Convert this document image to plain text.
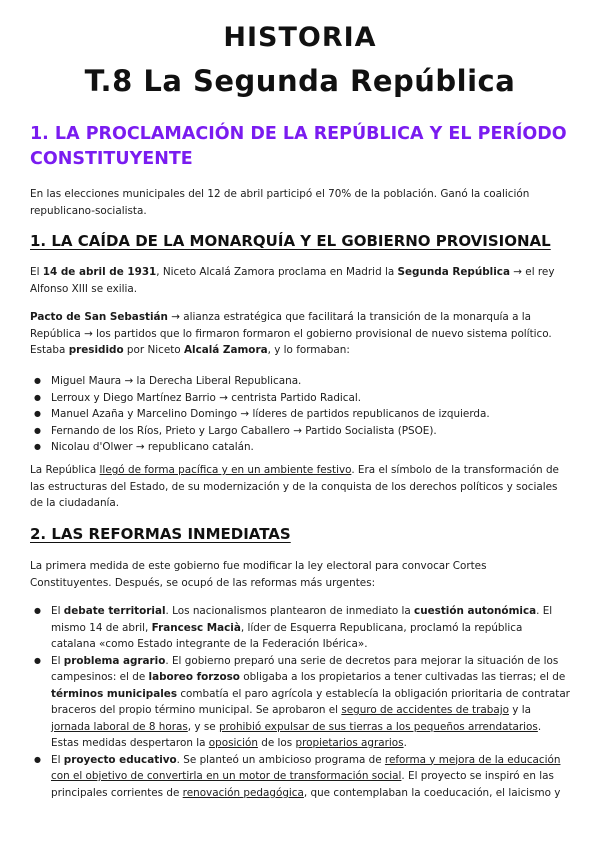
HISTORIA
T.8 La Segunda República
1. LA PROCLAMACIÓN DE LA REPÚBLICA Y EL PERÍODO CONSTITUYENTE

En las elecciones municipales del 12 de abril participó el 70% de la población. Ganó la coalición republicano-socialista.

1. LA CAÍDA DE LA MONARQUÍA Y EL GOBIERNO PROVISIONAL

El 14 de abril de 1931, Niceto Alcalá Zamora proclama en Madrid la Segunda República → el rey Alfonso XIII se exilia.

Pacto de San Sebastián → alianza estratégica que facilitará la transición de la monarquía a la República → los partidos que lo firmaron formaron el gobierno provisional de nuevo sistema político. Estaba presidido por Niceto Alcalá Zamora, y lo formaban:

● Miguel Maura → la Derecha Liberal Republicana.
● Lerroux y Diego Martínez Barrio → centrista Partido Radical.
● Manuel Azaña y Marcelino Domingo → líderes de partidos republicanos de izquierda.
● Fernando de los Ríos, Prieto y Largo Caballero → Partido Socialista (PSOE).
● Nicolau d'Olwer → republicano catalán.

La República llegó de forma pacífica y en un ambiente festivo. Era el símbolo de la transformación de las estructuras del Estado, de su modernización y de la conquista de los derechos políticos y sociales de la ciudadanía.

2. LAS REFORMAS INMEDIATAS

La primera medida de este gobierno fue modificar la ley electoral para convocar Cortes Constituyentes. Después, se ocupó de las reformas más urgentes:

● El debate territorial. Los nacionalismos plantearon de inmediato la cuestión autonómica. El mismo 14 de abril, Francesc Macià, líder de Esquerra Republicana, proclamó la república catalana «como Estado integrante de la Federación Ibérica».
● El problema agrario. El gobierno preparó una serie de decretos para mejorar la situación de los campesinos: el de laboreo forzoso obligaba a los propietarios a tener cultivadas las tierras; el de términos municipales combatía el paro agrícola y establecía la obligación prioritaria de contratar braceros del propio término municipal. Se aprobaron el seguro de accidentes de trabajo y la jornada laboral de 8 horas, y se prohibió expulsar de sus tierras a los pequeños arrendatarios. Estas medidas despertaron la oposición de los propietarios agrarios.
● El proyecto educativo. Se planteó un ambicioso programa de reforma y mejora de la educación con el objetivo de convertirla en un motor de transformación social. El proyecto se inspiró en las principales corrientes de renovación pedagógica, que contemplaban la coeducación, el laicismo y
